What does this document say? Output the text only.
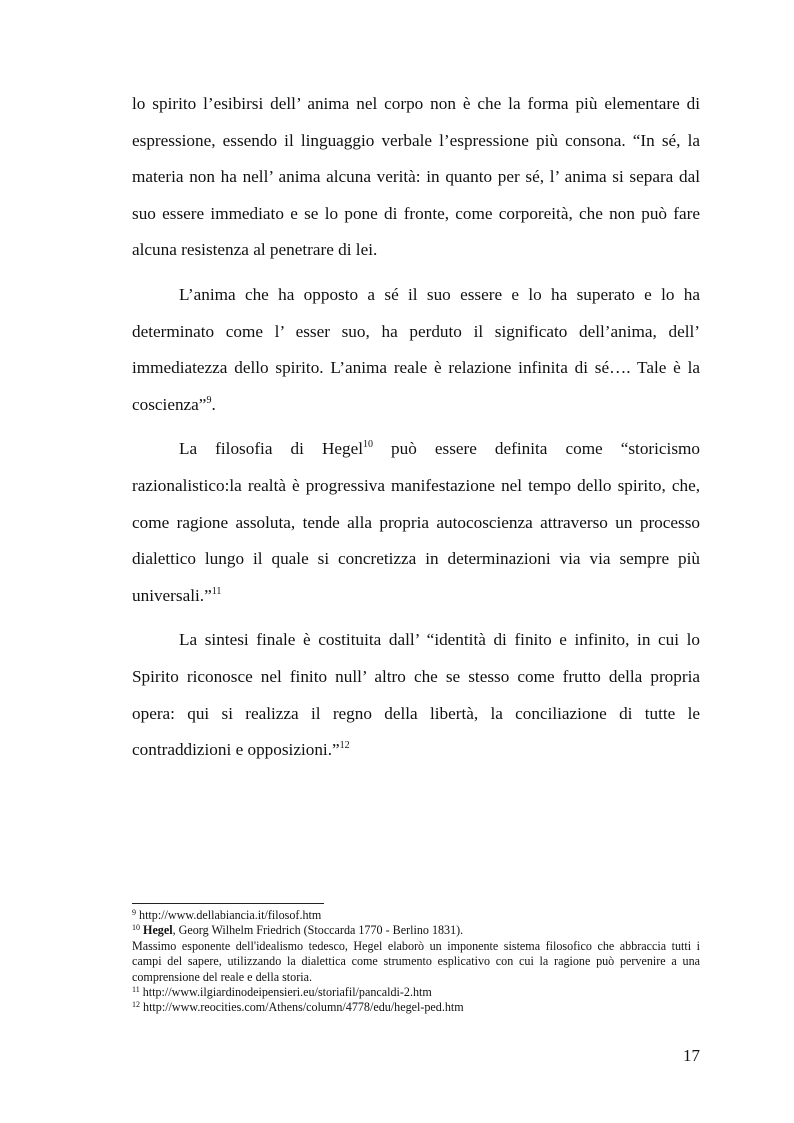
lo spirito l’esibirsi dell’ anima nel corpo non è che la forma più elementare di espressione, essendo il linguaggio verbale l’espressione più consona. “In sé, la materia non ha nell’ anima alcuna verità: in quanto per sé, l’ anima si separa dal suo essere immediato e se lo pone di fronte, come corporeità, che non può fare alcuna resistenza al penetrare di lei.

L’anima che ha opposto a sé il suo essere e lo ha superato e lo ha determinato come l’ esser suo, ha perduto il significato dell’anima, dell’ immediatezza dello spirito. L’anima reale è relazione infinita di sé…. Tale è la coscienza”$^9$.

La filosofia di Hegel$^{10}$ può essere definita come “storicismo razionalistico:la realtà è progressiva manifestazione nel tempo dello spirito, che, come ragione assoluta, tende alla propria autocoscienza attraverso un processo dialettico lungo il quale si concretizza in determinazioni via via sempre più universali.”$^{11}$

La sintesi finale è costituita dall’ “identità di finito e infinito, in cui lo Spirito riconosce nel finito null’ altro che se stesso come frutto della propria opera: qui si realizza il regno della libertà, la conciliazione di tutte le contraddizioni e opposizioni.”$^{12}$

$^9$ http://www.dellabiancia.it/filosof.htm

$^{10}$ Hegel, Georg Wilhelm Friedrich (Stoccarda 1770 - Berlino 1831).

Massimo esponente dell'idealismo tedesco, Hegel elaborò un imponente sistema filosofico che abbraccia tutti i campi del sapere, utilizzando la dialettica come strumento esplicativo con cui la ragione può pervenire a una comprensione del reale e della storia.

$^{11}$ http://www.ilgiardinodeipensieri.eu/storiafil/pancaldi-2.htm

$^{12}$ http://www.reocities.com/Athens/column/4778/edu/hegel-ped.htm

17
